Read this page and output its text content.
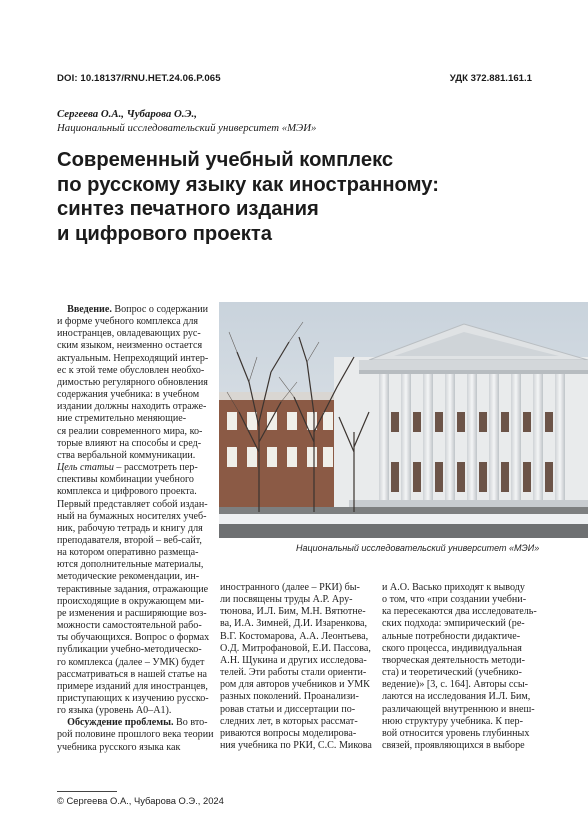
DOI: 10.18137/RNU.HET.24.06.P.065	УДК 372.881.161.1
Сергеева О.А., Чубарова О.Э.,
Национальный исследовательский университет «МЭИ»
Современный учебный комплекс
по русскому языку как иностранному:
синтез печатного издания
и цифрового проекта
Введение. Вопрос о содержании
и форме учебного комплекса для
иностранцев, овладевающих рус-
ским языком, неизменно остается
актуальным. Непреходящий интер-
ес к этой теме обусловлен необхо-
димостью регулярного обновления
содержания учебника: в учебном
издании должны находить отраже-
ние стремительно меняющие-
ся реалии современного мира, ко-
торые влияют на способы и сред-
ства вербальной коммуникации.
Цель статьи – рассмотреть пер-
спективы комбинации учебного
комплекса и цифрового проекта.
Первый представляет собой издан-
ный на бумажных носителях учеб-
ник, рабочую тетрадь и книгу для
преподавателя, второй – веб-сайт,
на котором оперативно размеща-
ются дополнительные материалы,
методические рекомендации, ин-
терактивные задания, отражающие
происходящие в окружающем ми-
ре изменения и расширяющие воз-
можности самостоятельной рабо-
ты обучающихся. Вопрос о формах
публикации учебно-методическо-
го комплекса (далее – УМК) будет
рассматриваться в нашей статье на
примере изданий для иностранцев,
приступающих к изучению русско-
го языка (уровень А0–А1).
Обсуждение проблемы. Во вто-
рой половине прошлого века теории
учебника русского языка как
Национальный исследовательский университет «МЭИ»
иностранного (далее – РКИ) бы-
ли посвящены труды А.Р. Ару-
тюнова, И.Л. Бим, М.Н. Вятютне-
ва, И.А. Зимней, Д.И. Изаренкова,
В.Г. Костомарова, А.А. Леонтьева,
О.Д. Митрофановой, Е.И. Пассова,
А.Н. Щукина и других исследова-
телей. Эти работы стали ориенти-
ром для авторов учебников и УМК
разных поколений. Проанализи-
ровав статьи и диссертации по-
следних лет, в которых рассмат-
риваются вопросы моделирова-
ния учебника по РКИ, С.С. Микова
и А.О. Васько приходят к выводу
о том, что «при создании учебни-
ка пересекаются два исследователь-
ских подхода: эмпирический (ре-
альные потребности дидактиче-
ского процесса, индивидуальная
творческая деятельность методи-
ста) и теоретический (учебнико-
ведение)» [3, с. 164]. Авторы ссы-
лаются на исследования И.Л. Бим,
различающей внутреннюю и внеш-
нюю структуру учебника. К пер-
вой относится уровень глубинных
связей, проявляющихся в выборе
© Сергеева О.А., Чубарова О.Э., 2024
